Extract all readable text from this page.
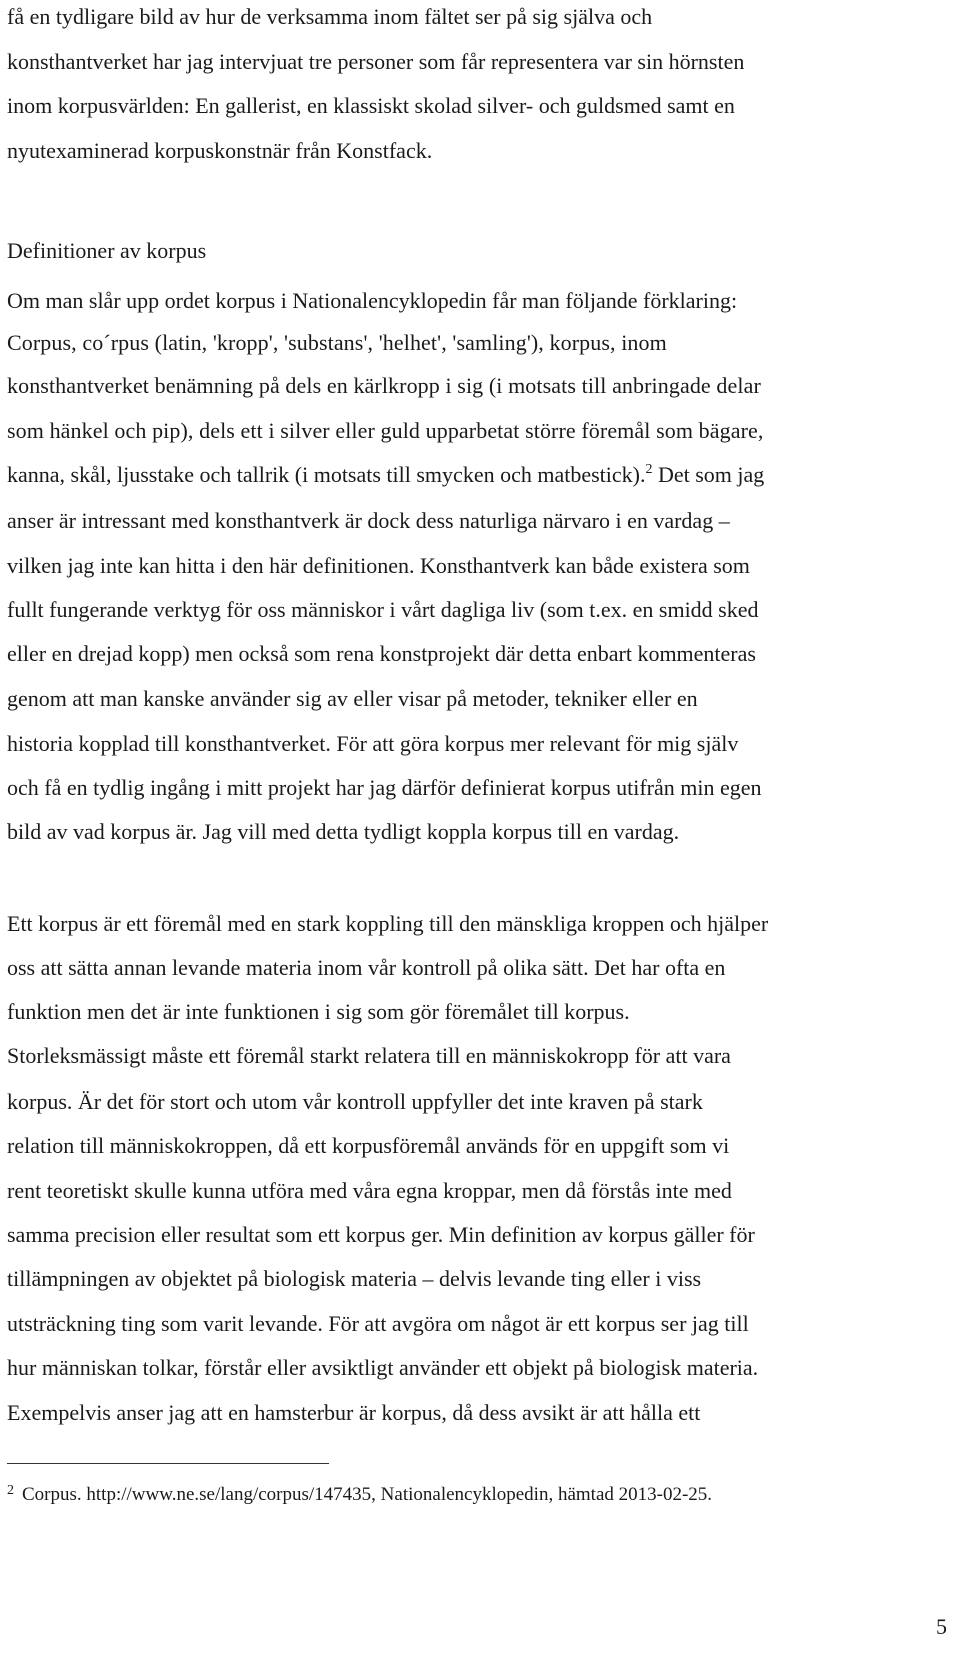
få en tydligare bild av hur de verksamma inom fältet ser på sig själva och
konsthantverket har jag intervjuat tre personer som får representera var sin hörnsten
inom korpusvärlden: En gallerist, en klassiskt skolad silver- och guldsmed samt en
nyutexaminerad korpuskonstnär från Konstfack.
Definitioner av korpus
Om man slår upp ordet korpus i Nationalencyklopedin får man följande förklaring:
Corpus, co´rpus (latin, 'kropp', 'substans', 'helhet', 'samling'), korpus, inom
konsthantverket benämning på dels en kärlkropp i sig (i motsats till anbringade delar
som hänkel och pip), dels ett i silver eller guld upparbetat större föremål som bägare,
kanna, skål, ljusstake och tallrik (i motsats till smycken och matbestick).$^2$ Det som jag
anser är intressant med konsthantverk är dock dess naturliga närvaro i en vardag –
vilken jag inte kan hitta i den här definitionen. Konsthantverk kan både existera som
fullt fungerande verktyg för oss människor i vårt dagliga liv (som t.ex. en smidd sked
eller en drejad kopp) men också som rena konstprojekt där detta enbart kommenteras
genom att man kanske använder sig av eller visar på metoder, tekniker eller en
historia kopplad till konsthantverket. För att göra korpus mer relevant för mig själv
och få en tydlig ingång i mitt projekt har jag därför definierat korpus utifrån min egen
bild av vad korpus är. Jag vill med detta tydligt koppla korpus till en vardag.
Ett korpus är ett föremål med en stark koppling till den mänskliga kroppen och hjälper
oss att sätta annan levande materia inom vår kontroll på olika sätt. Det har ofta en
funktion men det är inte funktionen i sig som gör föremålet till korpus.
Storleksmässigt måste ett föremål starkt relatera till en människokropp för att vara
korpus. Är det för stort och utom vår kontroll uppfyller det inte kraven på stark
relation till människokroppen, då ett korpusföremål används för en uppgift som vi
rent teoretiskt skulle kunna utföra med våra egna kroppar, men då förstås inte med
samma precision eller resultat som ett korpus ger. Min definition av korpus gäller för
tillämpningen av objektet på biologisk materia – delvis levande ting eller i viss
utsträckning ting som varit levande. För att avgöra om något är ett korpus ser jag till
hur människan tolkar, förstår eller avsiktligt använder ett objekt på biologisk materia.
Exempelvis anser jag att en hamsterbur är korpus, då dess avsikt är att hålla ett
$^2$ Corpus. http://www.ne.se/lang/corpus/147435, Nationalencyklopedin, hämtad 2013-02-25.
5
